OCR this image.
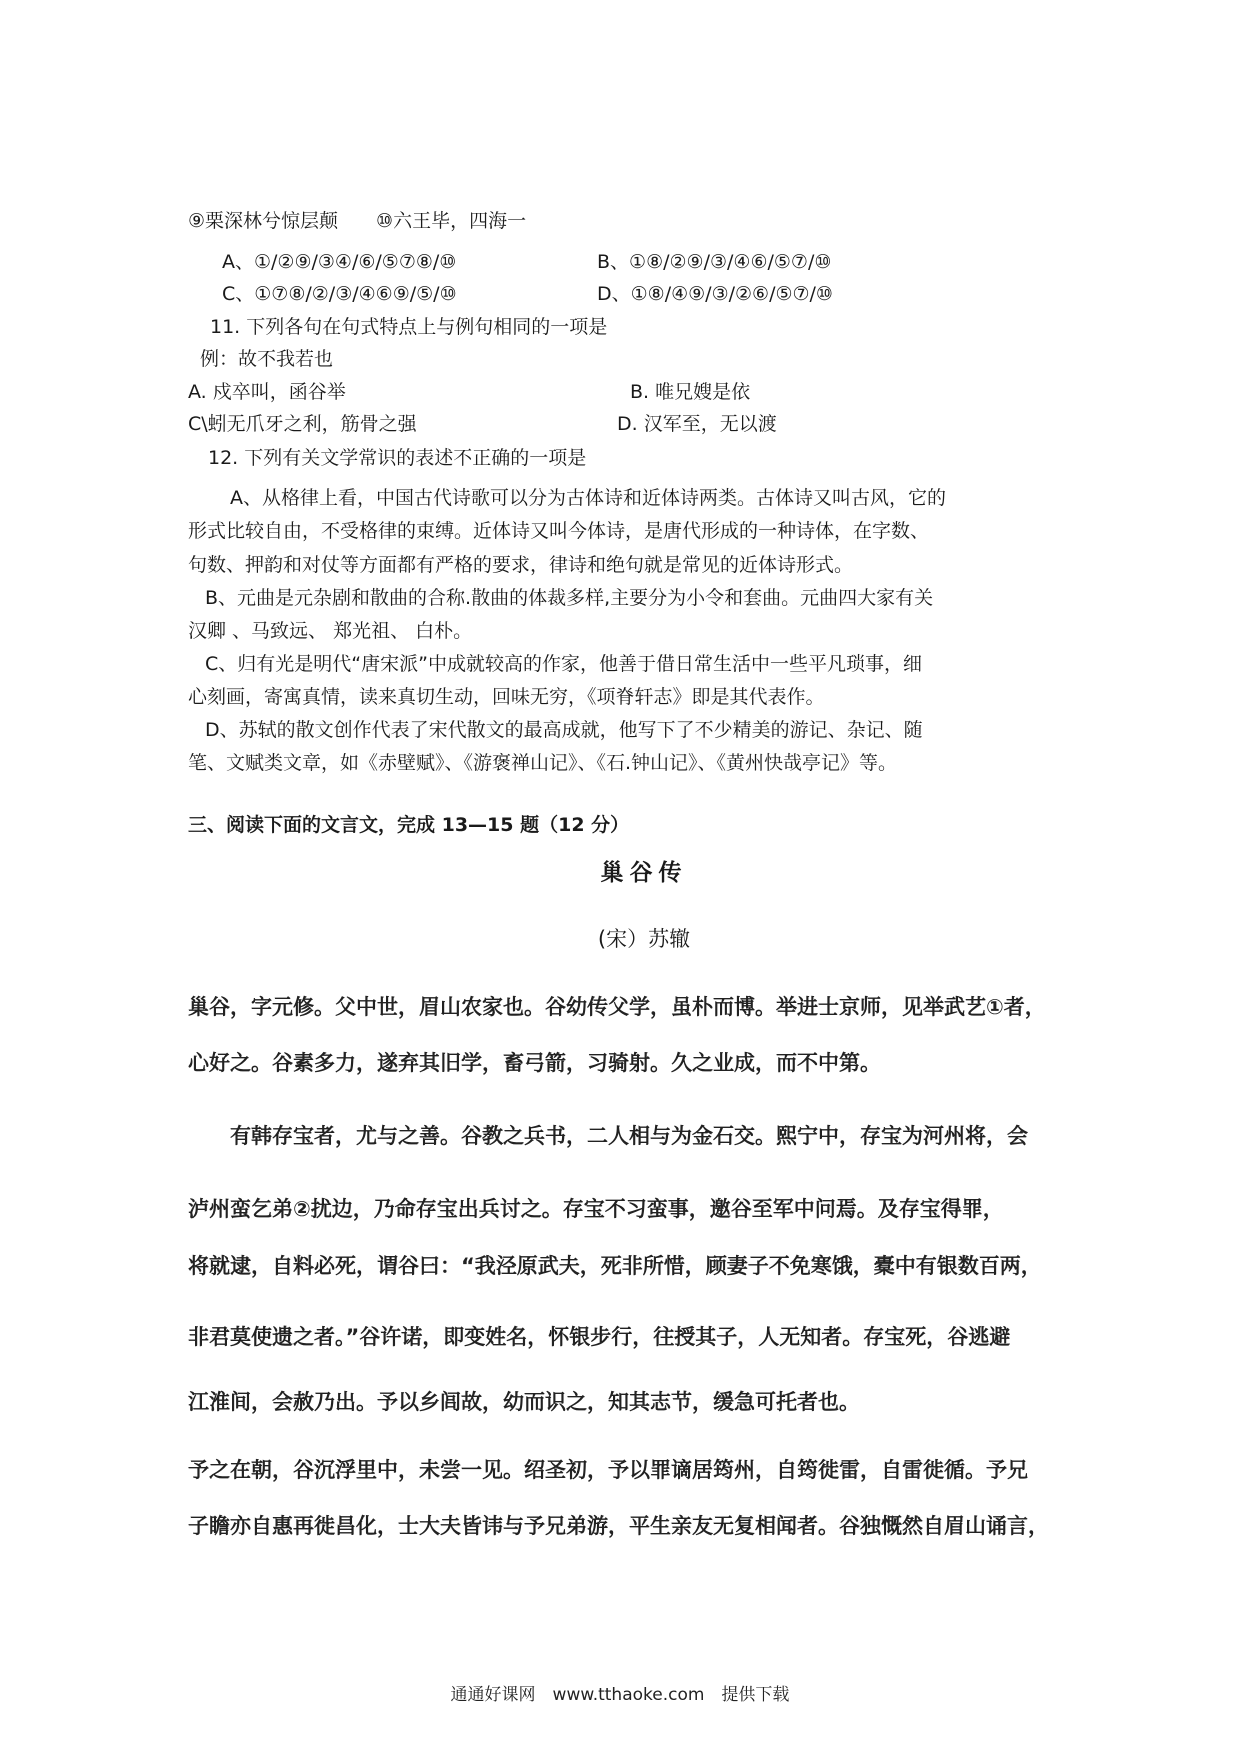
⑨栗深林兮惊层颠　　⑩六王毕，四海一
A、①/②⑨/③④/⑥/⑤⑦⑧/⑩	B、①⑧/②⑨/③/④⑥/⑤⑦/⑩
C、①⑦⑧/②/③/④⑥⑨/⑤/⑩	D、①⑧/④⑨/③/②⑥/⑤⑦/⑩
11. 下列各句在句式特点上与例句相同的一项是
例：故不我若也
A. 戍卒叫，函谷举	B. 唯兄嫂是依
C\蚓无爪牙之利，筋骨之强	D. 汉军至，无以渡
12. 下列有关文学常识的表述不正确的一项是
A、从格律上看，中国古代诗歌可以分为古体诗和近体诗两类。古体诗又叫古风，它的
形式比较自由，不受格律的束缚。近体诗又叫今体诗，是唐代形成的一种诗体，在字数、
句数、押韵和对仗等方面都有严格的要求，律诗和绝句就是常见的近体诗形式。
B、元曲是元杂剧和散曲的合称.散曲的体裁多样,主要分为小令和套曲。元曲四大家有关
汉卿 、马致远、 郑光祖、 白朴。
C、归有光是明代“唐宋派”中成就较高的作家，他善于借日常生活中一些平凡琐事，细
心刻画，寄寓真情，读来真切生动，回味无穷，《项脊轩志》即是其代表作。
D、苏轼的散文创作代表了宋代散文的最高成就，他写下了不少精美的游记、杂记、随
笔、文赋类文章，如《赤壁赋》、《游褒禅山记》、《石.钟山记》、《黄州快哉亭记》等。
三、阅读下面的文言文，完成 13—15 题（12 分）
巢谷传
(宋）苏辙
巢谷，字元修。父中世，眉山农家也。谷幼传父学，虽朴而博。举进士京师，见举武艺①者，
心好之。谷素多力，遂弃其旧学，畜弓箭，习骑射。久之业成，而不中第。
有韩存宝者，尤与之善。谷教之兵书，二人相与为金石交。熙宁中，存宝为河州将，会
泸州蛮乞弟②扰边，乃命存宝出兵讨之。存宝不习蛮事，邀谷至军中问焉。及存宝得罪，
将就逮，自料必死，谓谷曰：“我泾原武夫，死非所惜，顾妻子不免寒饿，橐中有银数百两，
非君莫使遗之者。”谷许诺，即变姓名，怀银步行，往授其子，人无知者。存宝死，谷逃避
江淮间，会赦乃出。予以乡闾故，幼而识之，知其志节，缓急可托者也。
予之在朝，谷沉浮里中，未尝一见。绍圣初，予以罪谪居筠州，自筠徙雷，自雷徙循。予兄
子瞻亦自惠再徙昌化，士大夫皆讳与予兄弟游，平生亲友无复相闻者。谷独慨然自眉山诵言，
通通好课网　www.tthaoke.com　提供下载
